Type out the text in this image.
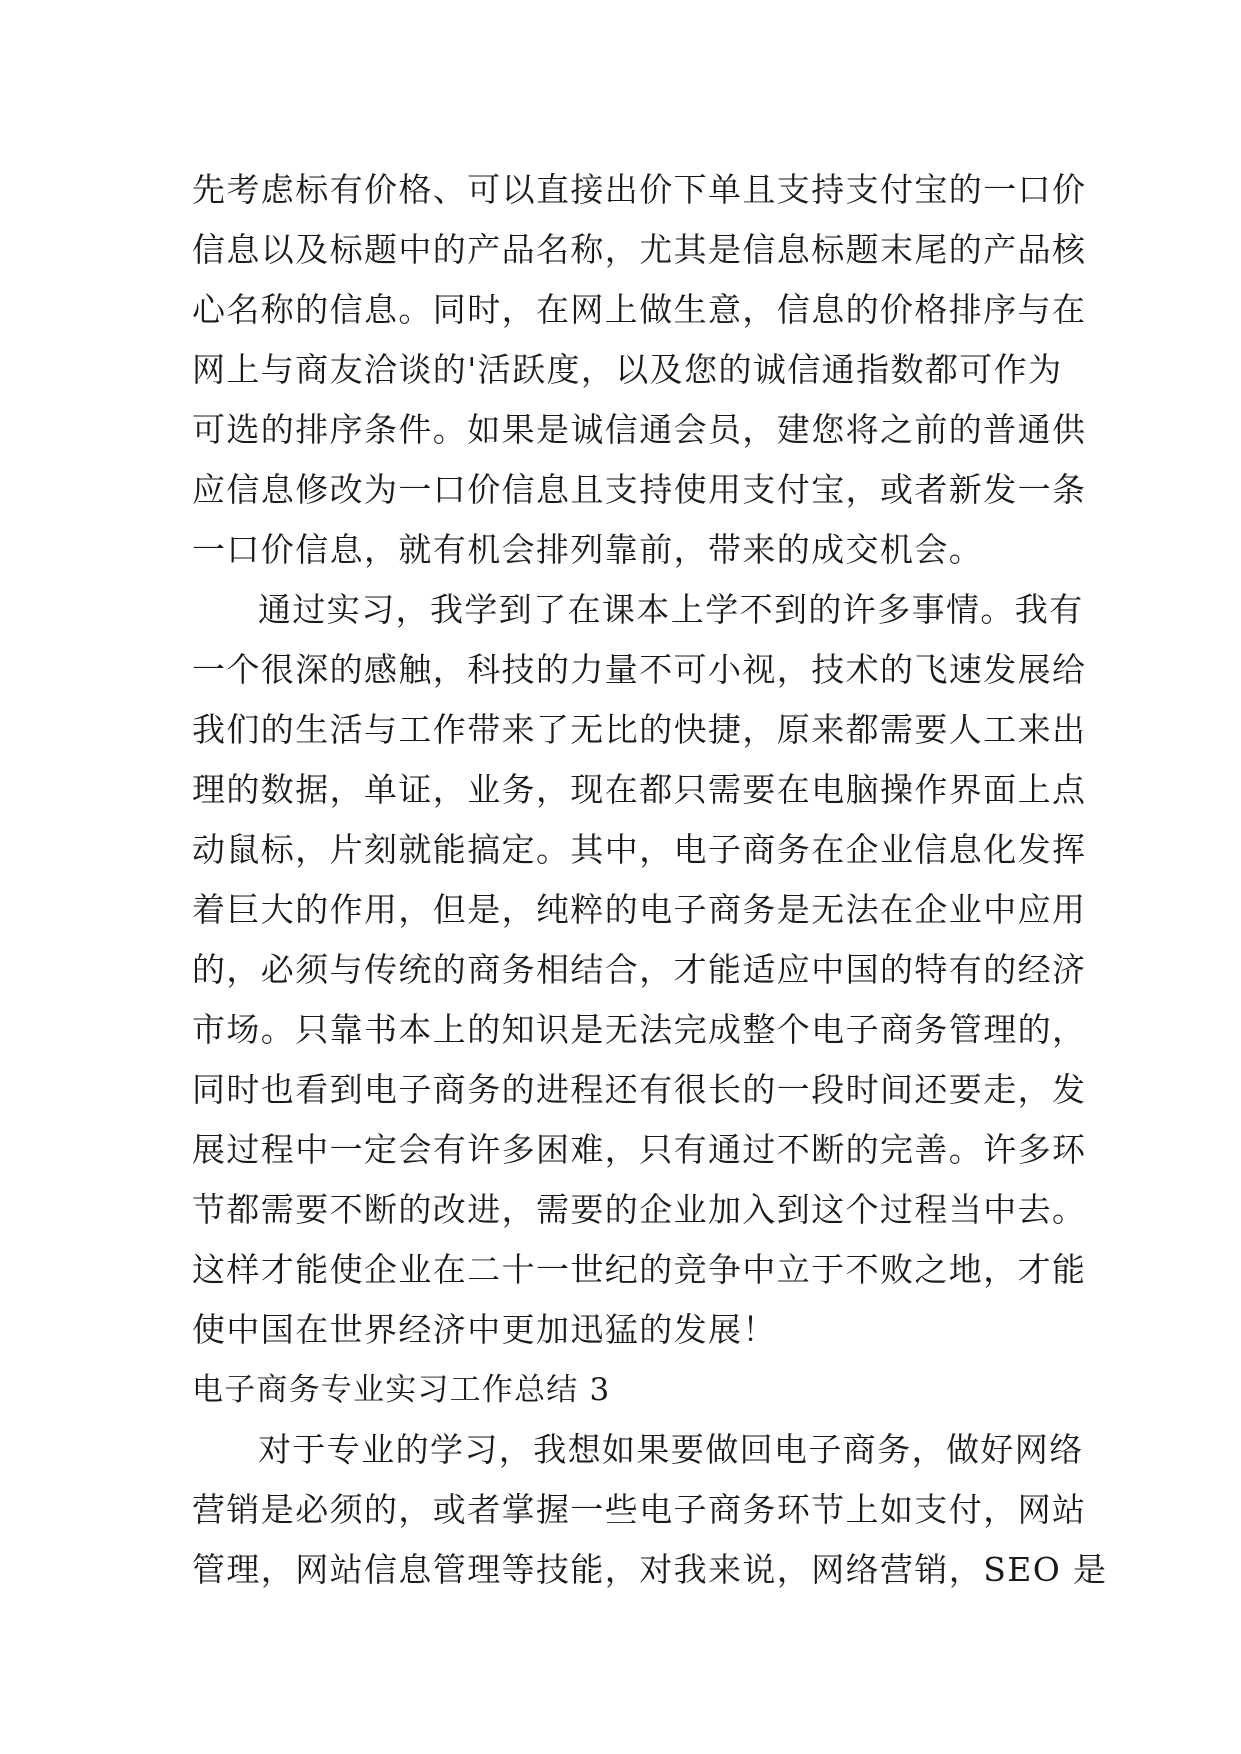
先考虑标有价格、可以直接出价下单且支持支付宝的一口价
信息以及标题中的产品名称，尤其是信息标题末尾的产品核
心名称的信息。同时，在网上做生意，信息的价格排序与在
网上与商友洽谈的'活跃度，以及您的诚信通指数都可作为
可选的排序条件。如果是诚信通会员，建您将之前的普通供
应信息修改为一口价信息且支持使用支付宝，或者新发一条
一口价信息，就有机会排列靠前，带来的成交机会。
通过实习，我学到了在课本上学不到的许多事情。我有
一个很深的感触，科技的力量不可小视，技术的飞速发展给
我们的生活与工作带来了无比的快捷，原来都需要人工来出
理的数据，单证，业务，现在都只需要在电脑操作界面上点
动鼠标，片刻就能搞定。其中，电子商务在企业信息化发挥
着巨大的作用，但是，纯粹的电子商务是无法在企业中应用
的，必须与传统的商务相结合，才能适应中国的特有的经济
市场。只靠书本上的知识是无法完成整个电子商务管理的，
同时也看到电子商务的进程还有很长的一段时间还要走，发
展过程中一定会有许多困难，只有通过不断的完善。许多环
节都需要不断的改进，需要的企业加入到这个过程当中去。
这样才能使企业在二十一世纪的竞争中立于不败之地，才能
使中国在世界经济中更加迅猛的发展！
电子商务专业实习工作总结 3
对于专业的学习，我想如果要做回电子商务，做好网络
营销是必须的，或者掌握一些电子商务环节上如支付，网站
管理，网站信息管理等技能，对我来说，网络营销，SEO 是
